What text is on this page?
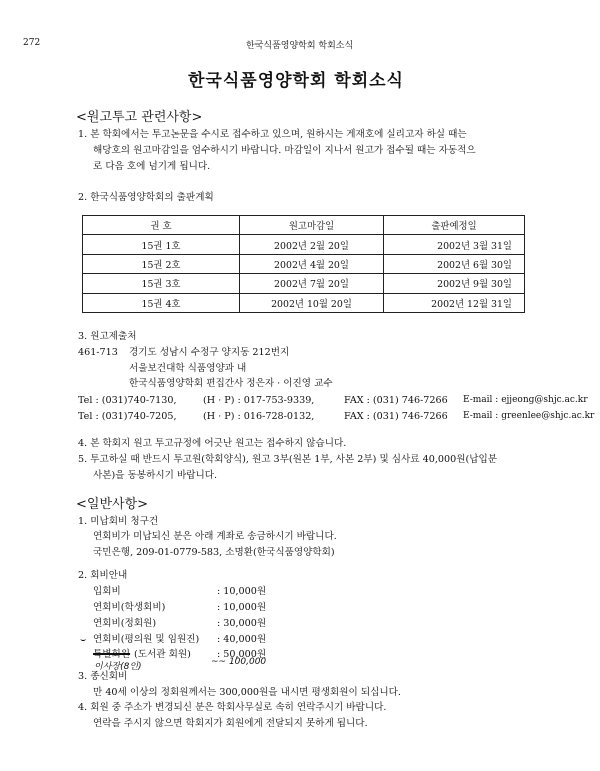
272	한국식품영양학회 학회소식
한국식품영양학회 학회소식
<원고투고 관련사항>
1. 본 학회에서는 투고논문을 수시로 접수하고 있으며, 원하시는 게재호에 실리고자 하실 때는
해당호의 원고마감일을 엄수하시기 바랍니다. 마감일이 지나서 원고가 접수될 때는 자동적으
로 다음 호에 넘기게 됩니다.
2. 한국식품영양학회의 출판계획
권 호	원고마감일	출판예정일
15권 1호	2002년 2월 20일	2002년 3월 31일
15권 2호	2002년 4월 20일	2002년 6월 30일
15권 3호	2002년 7월 20일	2002년 9월 30일
15권 4호	2002년 10월 20일	2002년 12월 31일
3. 원고제출처
461-713 경기도 성남시 수정구 양지동 212번지
서울보건대학 식품영양과 내
한국식품영양학회 편집간사 정은자 · 이진영 교수
Tel : (031)740-7130,	(H · P) : 017-753-9339,	FAX : (031) 746-7266 E-mail : ejjeong@shjc.ac.kr
Tel : (031)740-7205,	(H · P) : 016-728-0132,	FAX : (031) 746-7266 E-mail : greenlee@shjc.ac.kr
4. 본 학회지 원고 투고규정에 어긋난 원고는 접수하지 않습니다.
5. 투고하실 때 반드시 투고원(학회양식), 원고 3부(원본 1부, 사본 2부) 및 심사료 40,000원(납입분
사본)을 동봉하시기 바랍니다.
<일반사항>
1. 미납회비 청구건
연회비가 미납되신 분은 아래 계좌로 송금하시기 바랍니다.
국민은행, 209-01-0779-583, 소명환(한국식품영양학회)
2. 회비안내
입회비	: 10,000원
연회비(학생회비)	: 10,000원
연회비(정회원)	: 30,000원
⌣ 연회비(평의원 및 임원진) : 40,000원
특별회원 (도서관 회원)	: 50,000원
이사장(8인)	~~ 100,000
3. 종신회비
만 40세 이상의 정회원께서는 300,000원을 내시면 평생회원이 되십니다.
4. 회원 중 주소가 변경되신 분은 학회사무실로 속히 연락주시기 바랍니다.
연락을 주시지 않으면 학회지가 회원에게 전달되지 못하게 됩니다.
